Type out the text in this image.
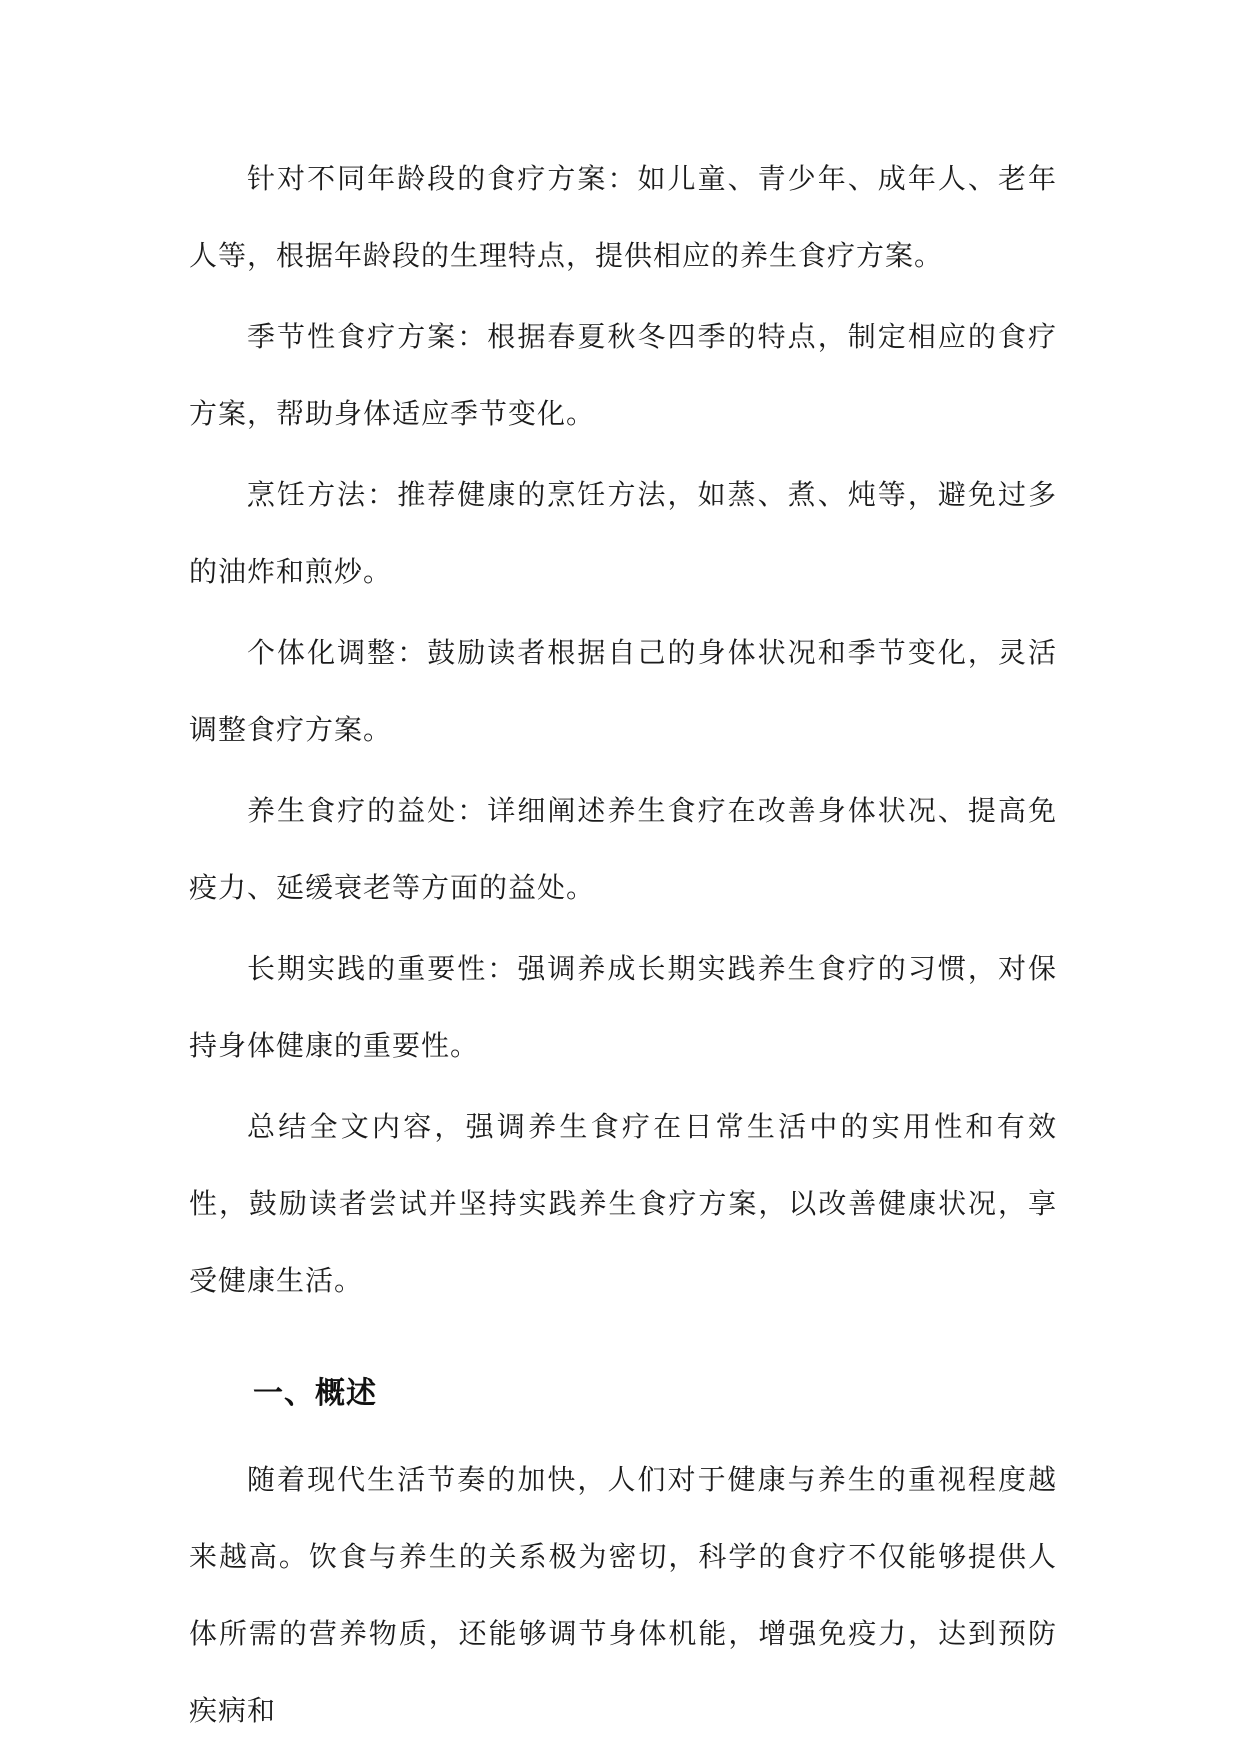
针对不同年龄段的食疗方案：如儿童、青少年、成年人、老年人等，根据年龄段的生理特点，提供相应的养生食疗方案。

季节性食疗方案：根据春夏秋冬四季的特点，制定相应的食疗方案，帮助身体适应季节变化。

烹饪方法：推荐健康的烹饪方法，如蒸、煮、炖等，避免过多的油炸和煎炒。

个体化调整：鼓励读者根据自己的身体状况和季节变化，灵活调整食疗方案。

养生食疗的益处：详细阐述养生食疗在改善身体状况、提高免疫力、延缓衰老等方面的益处。

长期实践的重要性：强调养成长期实践养生食疗的习惯，对保持身体健康的重要性。

总结全文内容，强调养生食疗在日常生活中的实用性和有效性，鼓励读者尝试并坚持实践养生食疗方案，以改善健康状况，享受健康生活。

一、概述

随着现代生活节奏的加快，人们对于健康与养生的重视程度越来越高。饮食与养生的关系极为密切，科学的食疗不仅能够提供人体所需的营养物质，还能够调节身体机能，增强免疫力，达到预防疾病和
